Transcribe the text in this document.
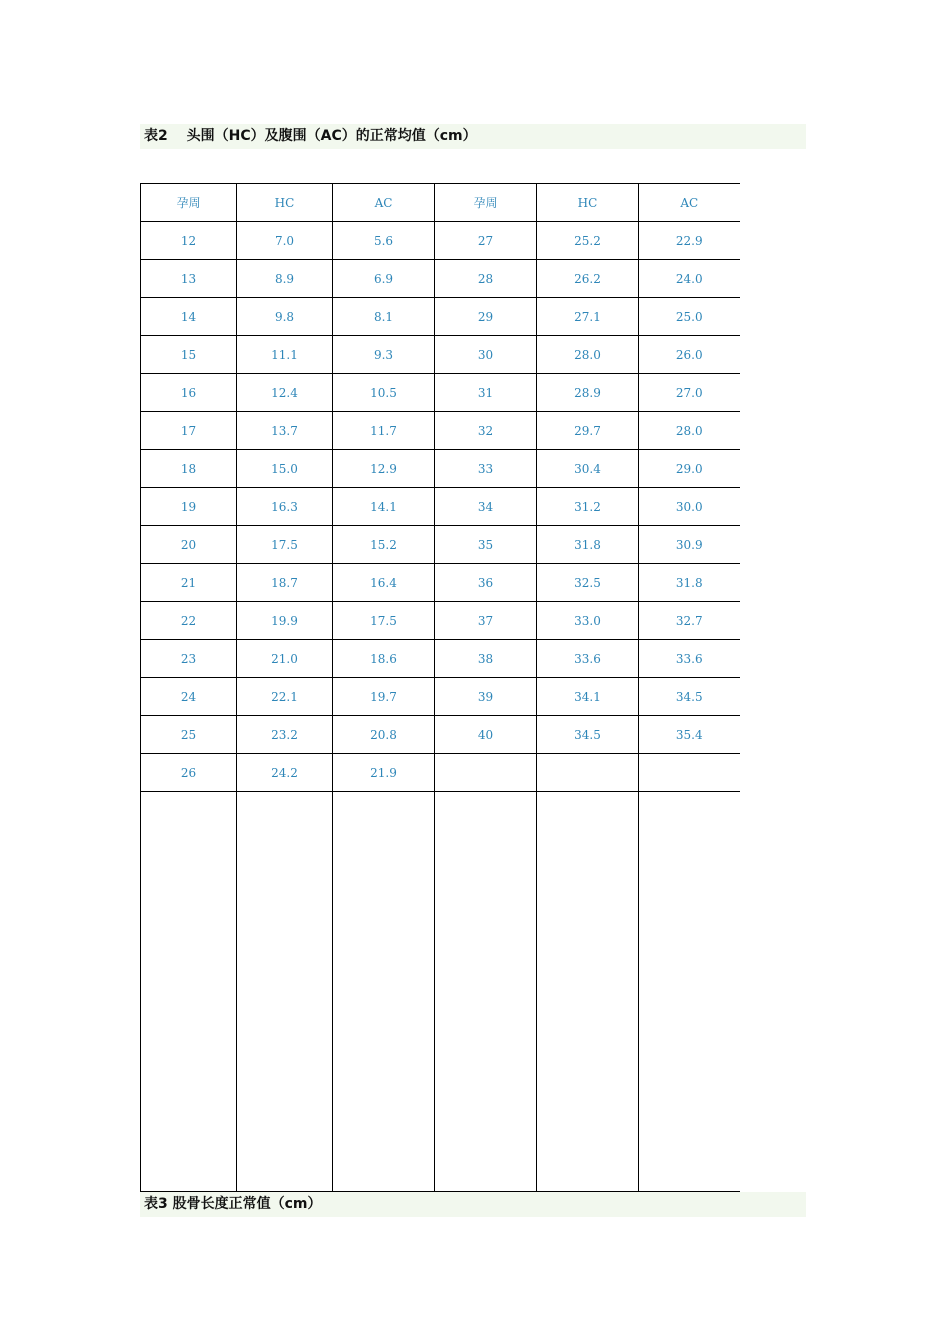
表2　 头围（HC）及腹围（AC）的正常均值（cm）
孕周	HC	AC	孕周	HC	AC
12	7.0	5.6	27	25.2	22.9
13	8.9	6.9	28	26.2	24.0
14	9.8	8.1	29	27.1	25.0
15	11.1	9.3	30	28.0	26.0
16	12.4	10.5	31	28.9	27.0
17	13.7	11.7	32	29.7	28.0
18	15.0	12.9	33	30.4	29.0
19	16.3	14.1	34	31.2	30.0
20	17.5	15.2	35	31.8	30.9
21	18.7	16.4	36	32.5	31.8
22	19.9	17.5	37	33.0	32.7
23	21.0	18.6	38	33.6	33.6
24	22.1	19.7	39	34.1	34.5
25	23.2	20.8	40	34.5	35.4
26	24.2	21.9			

表3 股骨长度正常值（cm）
